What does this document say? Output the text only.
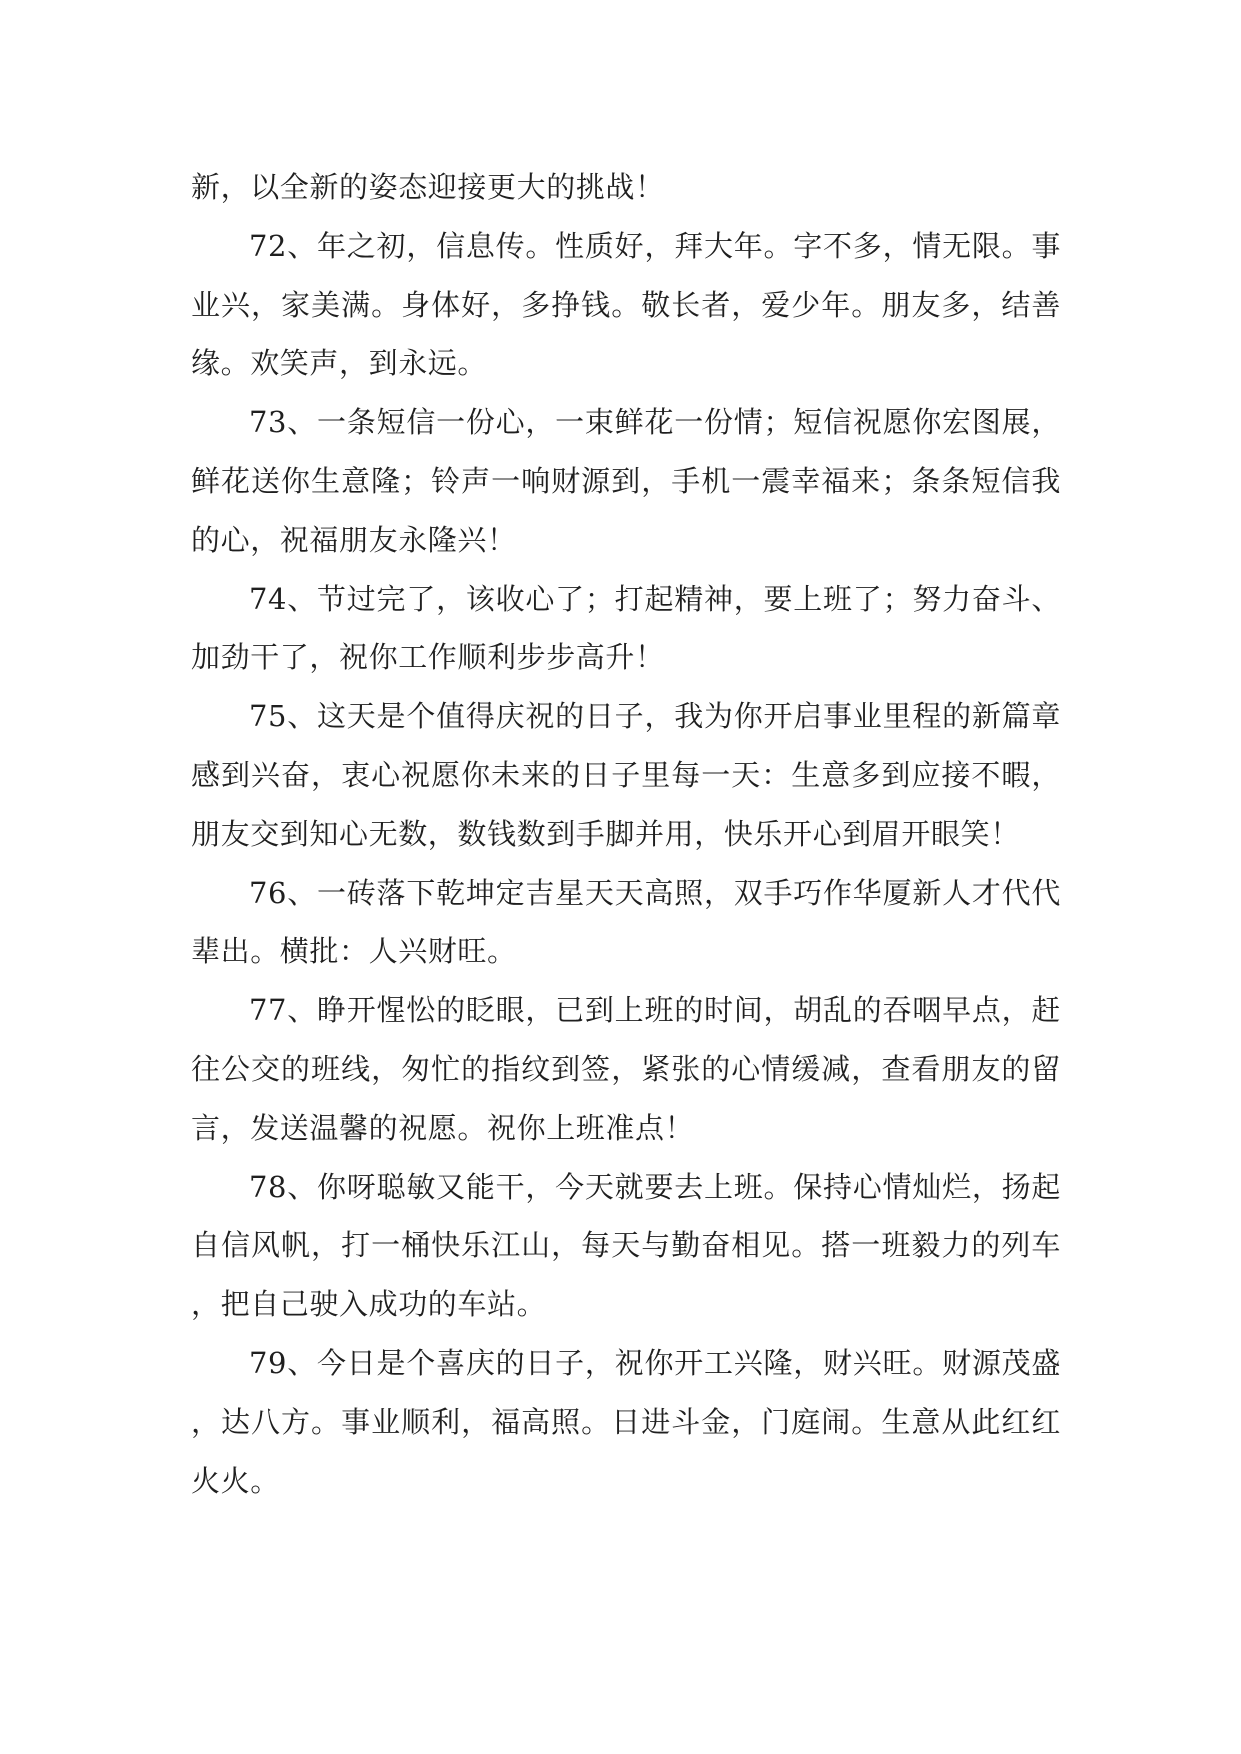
新，以全新的姿态迎接更大的挑战！

72、年之初，信息传。性质好，拜大年。字不多，情无限。事业兴，家美满。身体好，多挣钱。敬长者，爱少年。朋友多，结善缘。欢笑声，到永远。

73、一条短信一份心，一束鲜花一份情；短信祝愿你宏图展，鲜花送你生意隆；铃声一响财源到，手机一震幸福来；条条短信我的心，祝福朋友永隆兴！

74、节过完了，该收心了；打起精神，要上班了；努力奋斗、加劲干了，祝你工作顺利步步高升！

75、这天是个值得庆祝的日子，我为你开启事业里程的新篇章感到兴奋，衷心祝愿你未来的日子里每一天：生意多到应接不暇，朋友交到知心无数，数钱数到手脚并用，快乐开心到眉开眼笑！

76、一砖落下乾坤定吉星天天高照，双手巧作华厦新人才代代辈出。横批：人兴财旺。

77、睁开惺忪的眨眼，已到上班的时间，胡乱的吞咽早点，赶往公交的班线，匆忙的指纹到签，紧张的心情缓减，查看朋友的留言，发送温馨的祝愿。祝你上班准点！

78、你呀聪敏又能干，今天就要去上班。保持心情灿烂，扬起自信风帆，打一桶快乐江山，每天与勤奋相见。搭一班毅力的列车，把自己驶入成功的车站。

79、今日是个喜庆的日子，祝你开工兴隆，财兴旺。财源茂盛，达八方。事业顺利，福高照。日进斗金，门庭闹。生意从此红红火火。
